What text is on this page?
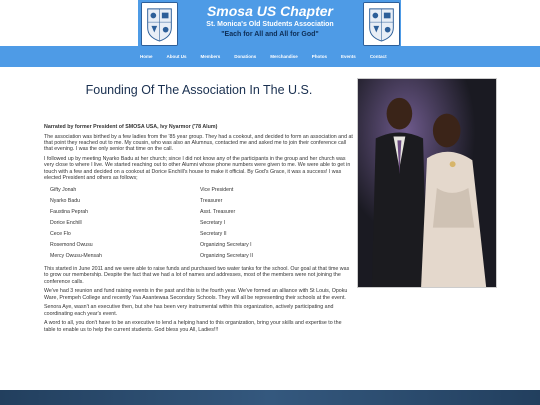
Smosa US Chapter
St. Monica's Old Students Association
"Each for All and All for God"
Home	About Us	Members	Donations	Merchandise	Photos	Events	Contact
Founding Of The Association In The U.S.

Narrated by former President of SMOSA USA, Ivy Nyarmor ('78 Alum)

The association was birthed by a few ladies from the '85 year group. They had a cookout, and decided to form an association and at that point they reached out to me. My cousin, who was also an Alumnus, contacted me and asked me to join their conference call that evening. I was the only senior that time on the call.

I followed up by meeting Nyarko Badu at her church; since I did not know any of the participants in the group and her church was very close to where I live. We started reaching out to other Alumni whose phone numbers were given to me. We were able to get in touch with a few and decided on a cookout at Dorice Enchill's house to make it official. By God's Grace, it was a success! I was elected President and others as follows;

Gifty Jonah	Vice President
Nyarko Badu	Treasurer
Faustina Peprah	Asst. Treasurer
Dorice Enchill	Secretary I
Cece Flo	Secretary II
Rosemond Owusu	Organizing Secretary I
Mercy Owusu-Mensah	Organizing Secretary II

This started in June 2011 and we were able to raise funds and purchased two water tanks for the school. Our goal at that time was to grow our membership. Despite the fact that we had a lot of names and addresses, most of the members were not joining the conference calls.

We've had 3 reunion and fund raising events in the past and this is the fourth year. We've formed an alliance with St Louis, Opoku Ware, Prempeh College and recently Yaa Asantewaa Secondary Schools. They will all be representing their schools at the event.

Senora Aye, wasn't an executive then, but she has been very instrumental within this organization, actively participating and coordinating each year's event.

A word to all, you don't have to be an executive to lend a helping hand to this organization, bring your skills and expertise to the table to enable us to help the current students. God bless you All, Ladies!!!
